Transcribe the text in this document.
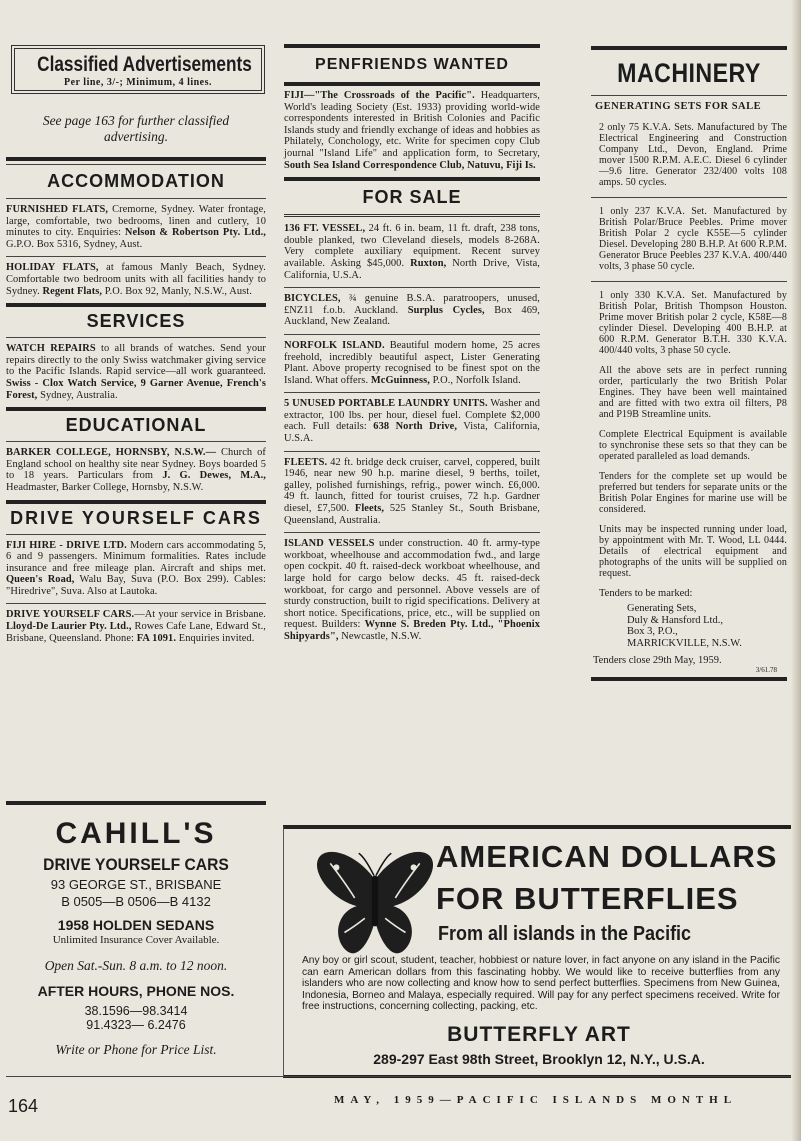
Classified Advertisements
Per line, 3/-; Minimum, 4 lines.
See page 163 for further classified advertising.
ACCOMMODATION

FURNISHED FLATS, Cremorne, Sydney. Water frontage, large, comfortable, two bedrooms, linen and cutlery, 10 minutes to city. Enquiries: Nelson & Robertson Pty. Ltd., G.P.O. Box 5316, Sydney, Aust.

HOLIDAY FLATS, at famous Manly Beach, Sydney. Comfortable two bedroom units with all facilities handy to Sydney. Regent Flats, P.O. Box 92, Manly, N.S.W., Aust.

SERVICES

WATCH REPAIRS to all brands of watches. Send your repairs directly to the only Swiss watchmaker giving service to the Pacific Islands. Rapid service—all work guaranteed. Swiss - Clox Watch Service, 9 Garner Avenue, French's Forest, Sydney, Australia.

EDUCATIONAL

BARKER COLLEGE, HORNSBY, N.S.W.— Church of England school on healthy site near Sydney. Boys boarded 5 to 18 years. Particulars from J. G. Dewes, M.A., Headmaster, Barker College, Hornsby, N.S.W.

DRIVE YOURSELF CARS

FIJI HIRE - DRIVE LTD. Modern cars accommodating 5, 6 and 9 passengers. Minimum formalities. Rates include insurance and free mileage plan. Aircraft and ships met. Queen's Road, Walu Bay, Suva (P.O. Box 299). Cables: "Hiredrive", Suva. Also at Lautoka.

DRIVE YOURSELF CARS.—At your service in Brisbane. Lloyd-De Laurier Pty. Ltd., Rowes Cafe Lane, Edward St., Brisbane, Queensland. Phone: FA 1091. Enquiries invited.

CAHILL'S
DRIVE YOURSELF CARS
93 GEORGE ST., BRISBANE
B 0505—B 0506—B 4132
1958 HOLDEN SEDANS
Unlimited Insurance Cover Available.
Open Sat.-Sun. 8 a.m. to 12 noon.
AFTER HOURS, PHONE NOS.
38.1596—98.3414
91.4323— 6.2476
Write or Phone for Price List.
PENFRIENDS WANTED

FIJI—"The Crossroads of the Pacific". Headquarters, World's leading Society (Est. 1933) providing world-wide correspondents interested in British Colonies and Pacific Islands study and friendly exchange of ideas and hobbies as Philately, Conchology, etc. Write for specimen copy Club journal "Island Life" and application form, to Secretary, South Sea Island Correspondence Club, Natuvu, Fiji Is.

FOR SALE

136 FT. VESSEL, 24 ft. 6 in. beam, 11 ft. draft, 238 tons, double planked, two Cleveland diesels, models 8-268A. Very complete auxiliary equipment. Recent survey available. Asking $45,000. Ruxton, North Drive, Vista, California, U.S.A.

BICYCLES, ¾ genuine B.S.A. paratroopers, unused, £NZ11 f.o.b. Auckland. Surplus Cycles, Box 469, Auckland, New Zealand.

NORFOLK ISLAND. Beautiful modern home, 25 acres freehold, incredibly beautiful aspect, Lister Generating Plant. Above property recognised to be finest spot on the Island. What offers. McGuinness, P.O., Norfolk Island.

5 UNUSED PORTABLE LAUNDRY UNITS. Washer and extractor, 100 lbs. per hour, diesel fuel. Complete $2,000 each. Full details: 638 North Drive, Vista, California, U.S.A.

FLEETS. 42 ft. bridge deck cruiser, carvel, coppered, built 1946, near new 90 h.p. marine diesel, 9 berths, toilet, galley, polished furnishings, refrig., power winch. £6,000. 49 ft. launch, fitted for tourist cruises, 72 h.p. Gardner diesel, £7,500. Fleets, 525 Stanley St., South Brisbane, Queensland, Australia.

ISLAND VESSELS under construction. 40 ft. army-type workboat, wheelhouse and accommodation fwd., and large open cockpit. 40 ft. raised-deck workboat wheelhouse, and large hold for cargo below decks. 45 ft. raised-deck workboat, for cargo and personnel. Above vessels are of sturdy construction, built to rigid specifications. Delivery at short notice. Specifications, price, etc., will be supplied on request. Builders: Wynne S. Breden Pty. Ltd., "Phoenix Shipyards", Newcastle, N.S.W.

MACHINERY
GENERATING SETS FOR SALE

2 only 75 K.V.A. Sets. Manufactured by The Electrical Engineering and Construction Company Ltd., Devon, England. Prime mover 1500 R.P.M. A.E.C. Diesel 6 cylinder—9.6 litre. Generator 232/400 volts 108 amps. 50 cycles.

1 only 237 K.V.A. Set. Manufactured by British Polar/Bruce Peebles. Prime mover British Polar 2 cycle K55E—5 cylinder Diesel. Developing 280 B.H.P. At 600 R.P.M. Generator Bruce Peebles 237 K.V.A. 400/440 volts, 3 phase 50 cycle.

1 only 330 K.V.A. Set. Manufactured by British Polar, British Thompson Houston. Prime mover British polar 2 cycle, K58E—8 cylinder Diesel. Developing 400 B.H.P. at 600 R.P.M. Generator B.T.H. 330 K.V.A. 400/440 volts, 3 phase 50 cycle.

All the above sets are in perfect running order, particularly the two British Polar Engines. They have been well maintained and are fitted with two extra oil filters, P8 and P19B Streamline units.

Complete Electrical Equipment is available to synchronise these sets so that they can be operated paralleled as load demands.

Tenders for the complete set up would be preferred but tenders for separate units or the British Polar Engines for marine use will be considered.

Units may be inspected running under load, by appointment with Mr. T. Wood, LL 0444. Details of electrical equipment and photographs of the units will be supplied on request.

Tenders to be marked:
Generating Sets,
Duly & Hansford Ltd.,
Box 3, P.O.,
MARRICKVILLE, N.S.W.
Tenders close 29th May, 1959.
3/61.78
AMERICAN DOLLARS
FOR BUTTERFLIES
From all islands in the Pacific

Any boy or girl scout, student, teacher, hobbiest or nature lover, in fact anyone on any island in the Pacific can earn American dollars from this fascinating hobby. We would like to receive butterflies from any islanders who are now collecting and know how to send perfect butterflies. Specimens from New Guinea, Indonesia, Borneo and Malaya, especially required. Will pay for any perfect specimens received. Write for free instructions, concerning collecting, packing, etc.

BUTTERFLY ART
289-297 East 98th Street, Brooklyn 12, N.Y., U.S.A.
164	MAY, 1959—PACIFIC ISLANDS MONTHL
